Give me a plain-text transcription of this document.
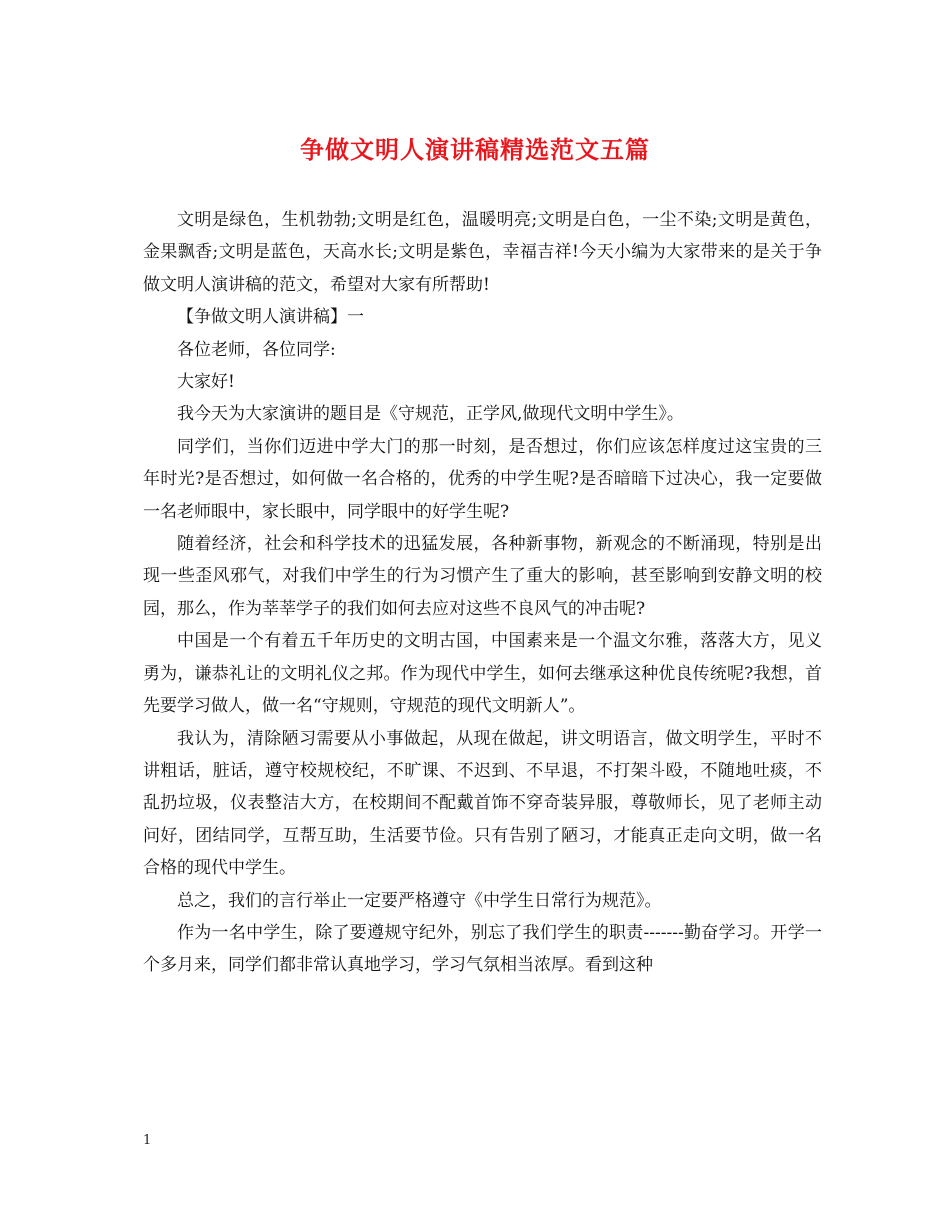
争做文明人演讲稿精选范文五篇

文明是绿色，生机勃勃;文明是红色，温暖明亮;文明是白色，一尘不染;文明是黄色，金果飘香;文明是蓝色，天高水长;文明是紫色，幸福吉祥!今天小编为大家带来的是关于争做文明人演讲稿的范文，希望对大家有所帮助!

【争做文明人演讲稿】一

各位老师，各位同学:

大家好!

我今天为大家演讲的题目是《守规范，正学风,做现代文明中学生》。

同学们，当你们迈进中学大门的那一时刻，是否想过，你们应该怎样度过这宝贵的三年时光?是否想过，如何做一名合格的，优秀的中学生呢?是否暗暗下过决心，我一定要做一名老师眼中，家长眼中，同学眼中的好学生呢?

随着经济，社会和科学技术的迅猛发展，各种新事物，新观念的不断涌现，特别是出现一些歪风邪气，对我们中学生的行为习惯产生了重大的影响，甚至影响到安静文明的校园，那么，作为莘莘学子的我们如何去应对这些不良风气的冲击呢?

中国是一个有着五千年历史的文明古国，中国素来是一个温文尔雅，落落大方，见义勇为，谦恭礼让的文明礼仪之邦。作为现代中学生，如何去继承这种优良传统呢?我想，首先要学习做人，做一名“守规则，守规范的现代文明新人”。

我认为，清除陋习需要从小事做起，从现在做起，讲文明语言，做文明学生，平时不讲粗话，脏话，遵守校规校纪，不旷课、不迟到、不早退，不打架斗殴，不随地吐痰，不乱扔垃圾，仪表整洁大方，在校期间不配戴首饰不穿奇装异服，尊敬师长，见了老师主动问好，团结同学，互帮互助，生活要节俭。只有告别了陋习，才能真正走向文明，做一名合格的现代中学生。

总之，我们的言行举止一定要严格遵守《中学生日常行为规范》。

作为一名中学生，除了要遵规守纪外，别忘了我们学生的职责-------勤奋学习。开学一个多月来，同学们都非常认真地学习，学习气氛相当浓厚。看到这种

1
